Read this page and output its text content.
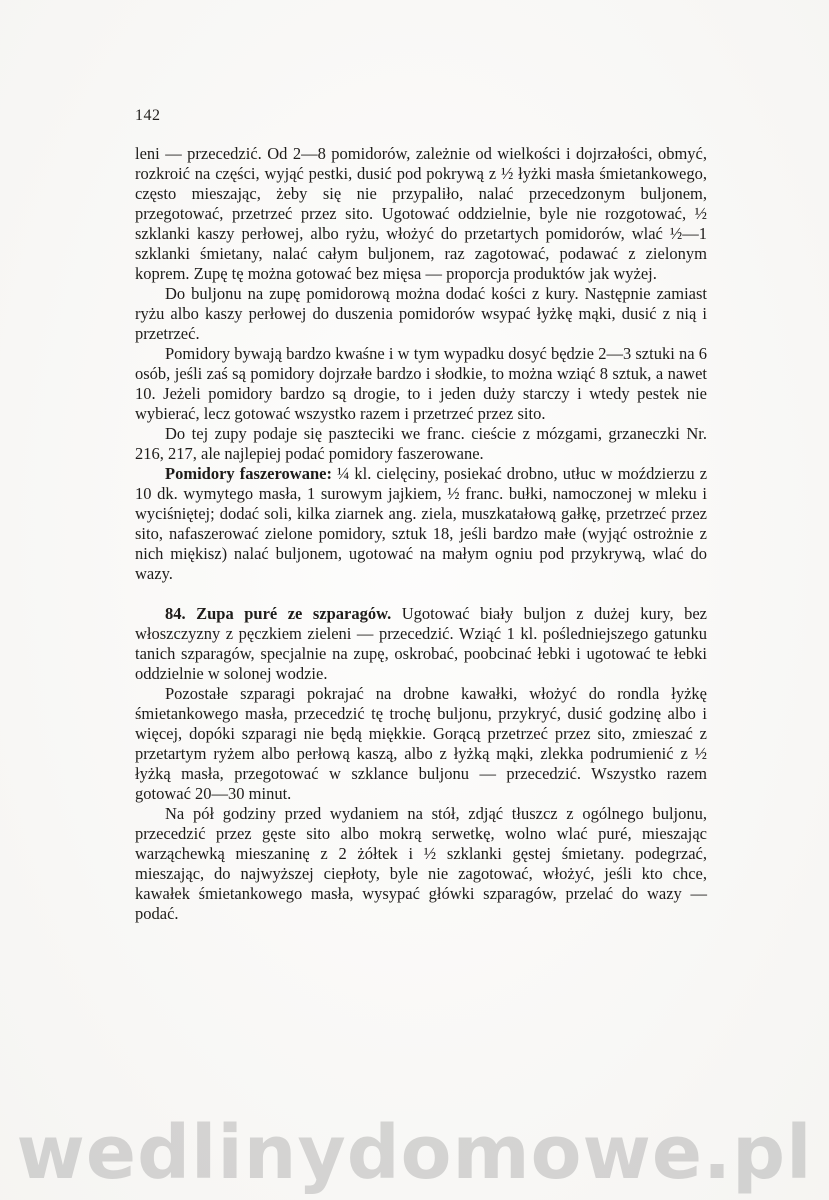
142

leni — przecedzić. Od 2—8 pomidorów, zależnie od wielkości i dojrzałości, obmyć, rozkroić na części, wyjąć pestki, dusić pod pokrywą z ½ łyżki masła śmietankowego, często mieszając, żeby się nie przypaliło, nalać przecedzonym buljonem, przegotować, przetrzeć przez sito. Ugotować oddzielnie, byle nie rozgotować, ½ szklanki kaszy perłowej, albo ryżu, włożyć do przetartych pomidorów, wlać ½—1 szklanki śmietany, nalać całym buljonem, raz zagotować, podawać z zielonym koprem. Zupę tę można gotować bez mięsa — proporcja produktów jak wyżej.

Do buljonu na zupę pomidorową można dodać kości z kury. Następnie zamiast ryżu albo kaszy perłowej do duszenia pomidorów wsypać łyżkę mąki, dusić z nią i przetrzeć.

Pomidory bywają bardzo kwaśne i w tym wypadku dosyć będzie 2—3 sztuki na 6 osób, jeśli zaś są pomidory dojrzałe bardzo i słodkie, to można wziąć 8 sztuk, a nawet 10. Jeżeli pomidory bardzo są drogie, to i jeden duży starczy i wtedy pestek nie wybierać, lecz gotować wszystko razem i przetrzeć przez sito.

Do tej zupy podaje się paszteciki we franc. cieście z mózgami, grzaneczki Nr. 216, 217, ale najlepiej podać pomidory faszerowane.

Pomidory faszerowane: ¼ kl. cielęciny, posiekać drobno, utłuc w moździerzu z 10 dk. wymytego masła, 1 surowym jajkiem, ½ franc. bułki, namoczonej w mleku i wyciśniętej; dodać soli, kilka ziarnek ang. ziela, muszkatałową gałkę, przetrzeć przez sito, nafaszerować zielone pomidory, sztuk 18, jeśli bardzo małe (wyjąć ostrożnie z nich miękisz) nalać buljonem, ugotować na małym ogniu pod przykrywą, wlać do wazy.

84. Zupa puré ze szparagów. Ugotować biały buljon z dużej kury, bez włoszczyzny z pęczkiem zieleni — przecedzić. Wziąć 1 kl. pośledniejszego gatunku tanich szparagów, specjalnie na zupę, oskrobać, poobcinać łebki i ugotować te łebki oddzielnie w solonej wodzie.

Pozostałe szparagi pokrajać na drobne kawałki, włożyć do rondla łyżkę śmietankowego masła, przecedzić tę trochę buljonu, przykryć, dusić godzinę albo i więcej, dopóki szparagi nie będą miękkie. Gorącą przetrzeć przez sito, zmieszać z przetartym ryżem albo perłową kaszą, albo z łyżką mąki, zlekka podrumienić z ½ łyżką masła, przegotować w szklance buljonu — przecedzić. Wszystko razem gotować 20—30 minut.

Na pół godziny przed wydaniem na stół, zdjąć tłuszcz z ogólnego buljonu, przecedzić przez gęste sito albo mokrą serwetkę, wolno wlać puré, mieszając warząchewką mieszaninę z 2 żółtek i ½ szklanki gęstej śmietany. podegrzać, mieszając, do najwyższej ciepłoty, byle nie zagotować, włożyć, jeśli kto chce, kawałek śmietankowego masła, wysypać główki szparagów, przelać do wazy — podać.

wedlinydomowe.pl
